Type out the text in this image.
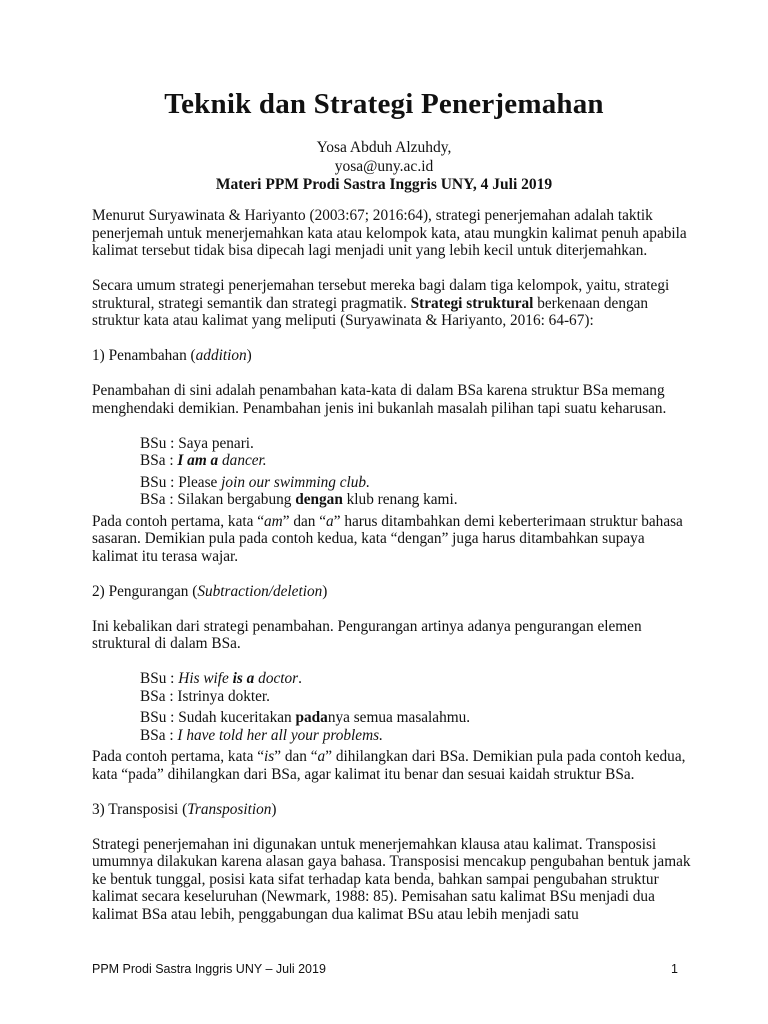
Teknik dan Strategi Penerjemahan
Yosa Abduh Alzuhdy,
yosa@uny.ac.id
Materi PPM Prodi Sastra Inggris UNY, 4 Juli 2019

Menurut Suryawinata & Hariyanto (2003:67; 2016:64), strategi penerjemahan adalah taktik penerjemah untuk menerjemahkan kata atau kelompok kata, atau mungkin kalimat penuh apabila kalimat tersebut tidak bisa dipecah lagi menjadi unit yang lebih kecil untuk diterjemahkan.

Secara umum strategi penerjemahan tersebut mereka bagi dalam tiga kelompok, yaitu, strategi struktural, strategi semantik dan strategi pragmatik. Strategi struktural berkenaan dengan struktur kata atau kalimat yang meliputi (Suryawinata & Hariyanto, 2016: 64-67):

1) Penambahan (addition)

Penambahan di sini adalah penambahan kata-kata di dalam BSa karena struktur BSa memang menghendaki demikian. Penambahan jenis ini bukanlah masalah pilihan tapi suatu keharusan.

BSu : Saya penari.

BSa : I am a dancer.

BSu : Please join our swimming club.

BSa : Silakan bergabung dengan klub renang kami.

Pada contoh pertama, kata “am” dan “a” harus ditambahkan demi keberterimaan struktur bahasa sasaran. Demikian pula pada contoh kedua, kata “dengan” juga harus ditambahkan supaya kalimat itu terasa wajar.

2) Pengurangan (Subtraction/deletion)

Ini kebalikan dari strategi penambahan. Pengurangan artinya adanya pengurangan elemen struktural di dalam BSa.

BSu : His wife is a doctor.

BSa : Istrinya dokter.

BSu : Sudah kuceritakan padanya semua masalahmu.

BSa : I have told her all your problems.

Pada contoh pertama, kata “is” dan “a” dihilangkan dari BSa. Demikian pula pada contoh kedua, kata “pada” dihilangkan dari BSa, agar kalimat itu benar dan sesuai kaidah struktur BSa.

3) Transposisi (Transposition)

Strategi penerjemahan ini digunakan untuk menerjemahkan klausa atau kalimat. Transposisi umumnya dilakukan karena alasan gaya bahasa. Transposisi mencakup pengubahan bentuk jamak ke bentuk tunggal, posisi kata sifat terhadap kata benda, bahkan sampai pengubahan struktur kalimat secara keseluruhan (Newmark, 1988: 85). Pemisahan satu kalimat BSu menjadi dua kalimat BSa atau lebih, penggabungan dua kalimat BSu atau lebih menjadi satu

PPM Prodi Sastra Inggris UNY – Juli 2019	1
